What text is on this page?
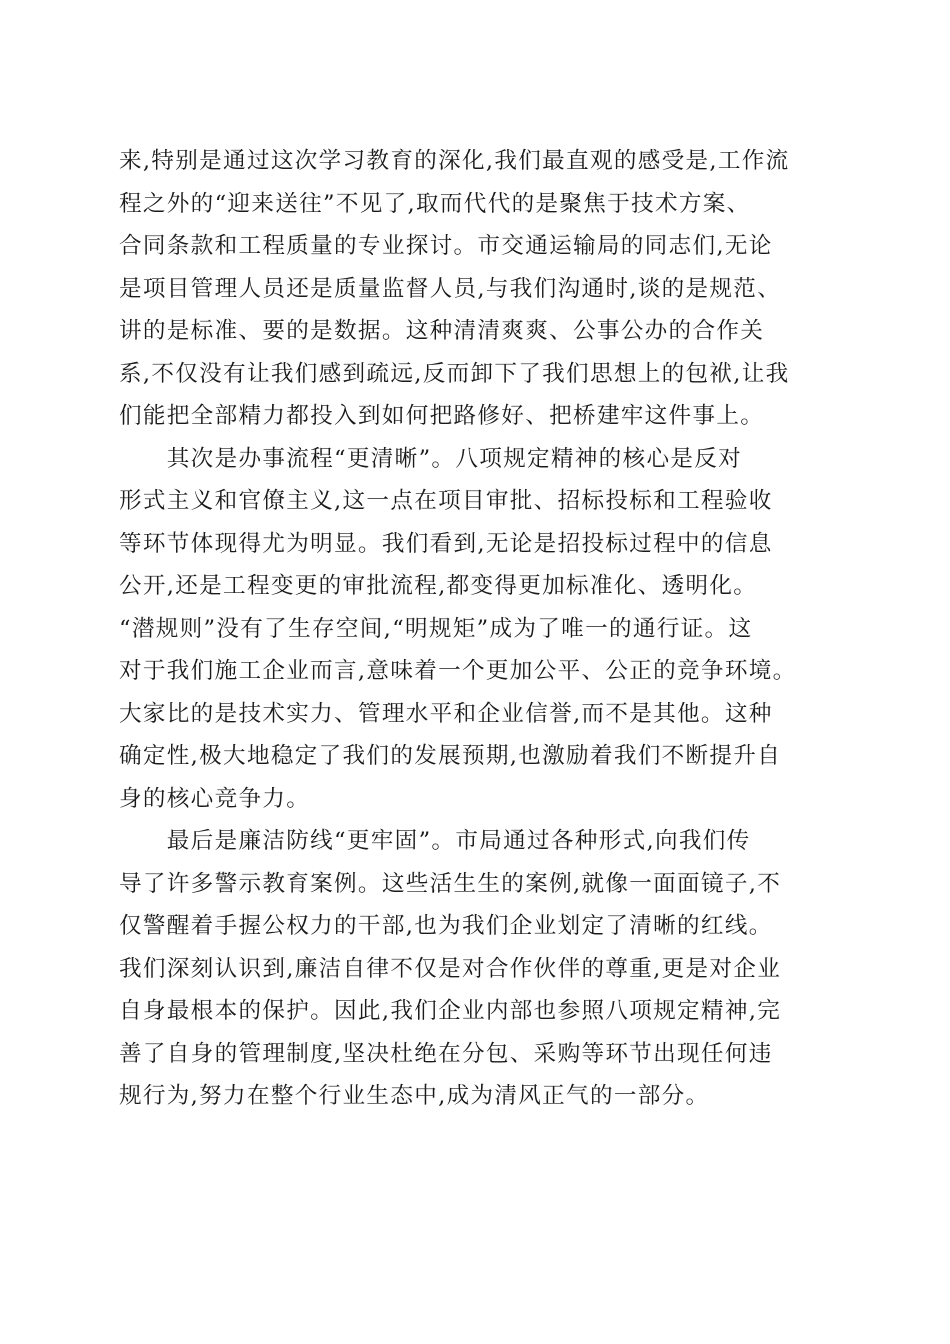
来,特别是通过这次学习教育的深化,我们最直观的感受是,工作流
程之外的“迎来送往”不见了,取而代代的是聚焦于技术方案、
合同条款和工程质量的专业探讨。市交通运输局的同志们,无论
是项目管理人员还是质量监督人员,与我们沟通时,谈的是规范、
讲的是标准、要的是数据。这种清清爽爽、公事公办的合作关
系,不仅没有让我们感到疏远,反而卸下了我们思想上的包袱,让我
们能把全部精力都投入到如何把路修好、把桥建牢这件事上。
　　其次是办事流程“更清晰”。八项规定精神的核心是反对
形式主义和官僚主义,这一点在项目审批、招标投标和工程验收
等环节体现得尤为明显。我们看到,无论是招投标过程中的信息
公开,还是工程变更的审批流程,都变得更加标准化、透明化。
“潜规则”没有了生存空间,“明规矩”成为了唯一的通行证。这
对于我们施工企业而言,意味着一个更加公平、公正的竞争环境。
大家比的是技术实力、管理水平和企业信誉,而不是其他。这种
确定性,极大地稳定了我们的发展预期,也激励着我们不断提升自
身的核心竞争力。
　　最后是廉洁防线“更牢固”。市局通过各种形式,向我们传
导了许多警示教育案例。这些活生生的案例,就像一面面镜子,不
仅警醒着手握公权力的干部,也为我们企业划定了清晰的红线。
我们深刻认识到,廉洁自律不仅是对合作伙伴的尊重,更是对企业
自身最根本的保护。因此,我们企业内部也参照八项规定精神,完
善了自身的管理制度,坚决杜绝在分包、采购等环节出现任何违
规行为,努力在整个行业生态中,成为清风正气的一部分。
